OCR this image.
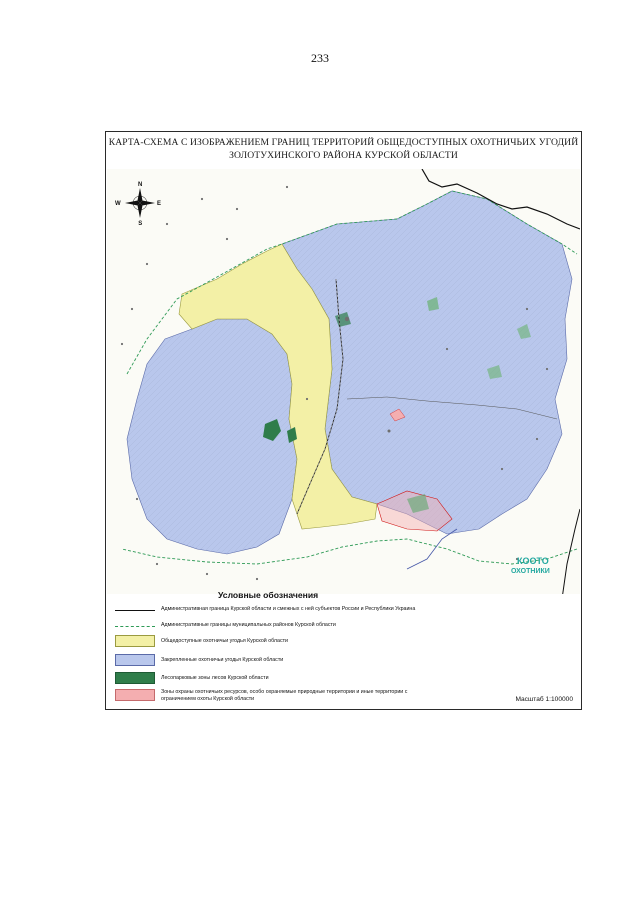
233
КАРТА-СХЕМА С ИЗОБРАЖЕНИЕМ ГРАНИЦ ТЕРРИТОРИЙ ОБЩЕДОСТУПНЫХ ОХОТНИЧЬИХ УГОДИЙ
ЗОЛОТУХИНСКОГО РАЙОНА КУРСКОЙ ОБЛАСТИ
N
S
W	E
КООТО
ОХОТНИКИ
Условные обозначения
Административная граница Курской области и смежных с ней субъектов России и Республики Украина
Административные границы муниципальных районов Курской области
Общедоступные охотничьи угодья Курской области
Закрепленные охотничьи угодья Курской области
Лесопарковые зоны лесов Курской области
Зоны охраны охотничьих ресурсов, особо охраняемые природные территории и иные территории с ограничением охоты Курской области	Масштаб 1:100000
